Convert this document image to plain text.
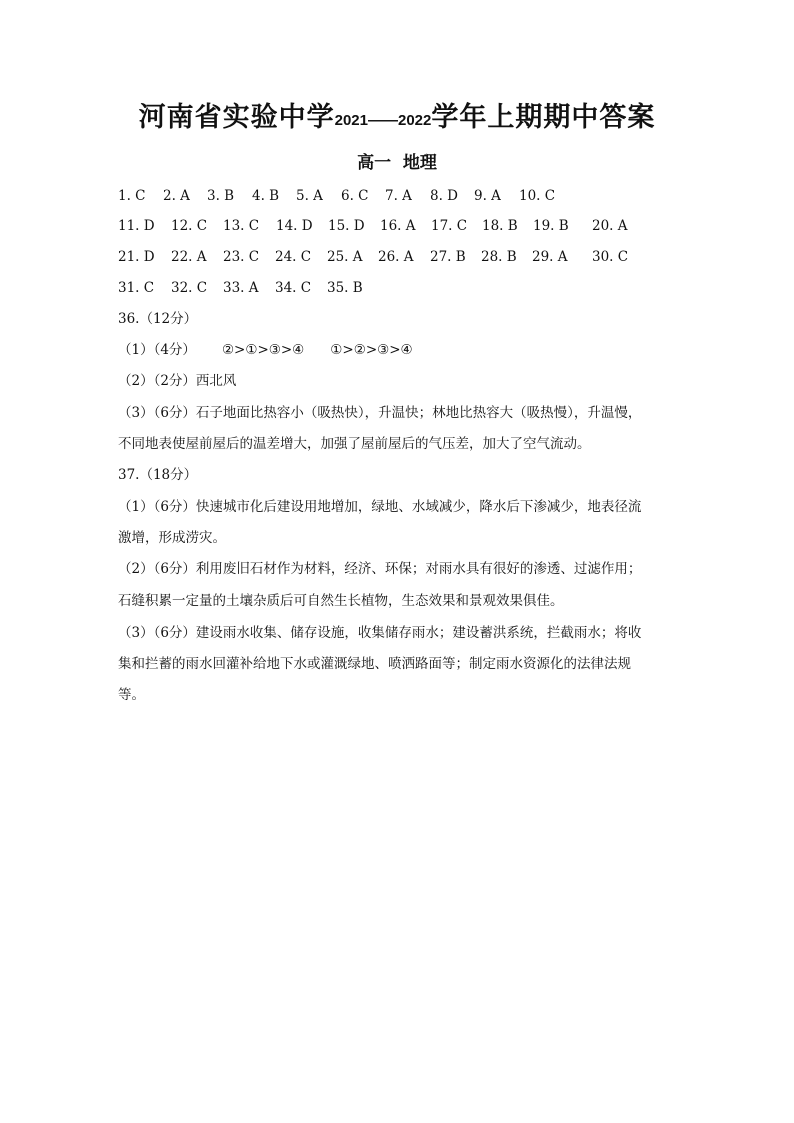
河南省实验中学2021——2022学年上期期中答案
高一  地理
1. C 2. A 3. B 4. B 5. A 6. C 7. A 8. D 9. A 10. C
11. D 12. C 13. C 14. D 15. D 16. A 17. C 18. B 19. B 20. A
21. D 22. A 23. C 24. C 25. A 26. A 27. B 28. B 29. A 30. C
31. C 32. C 33. A 34. C 35. B
36.（12分）
（1）（4分） ②>①>③>④ ①>②>③>④
（2）（2分）西北风
（3）（6分）石子地面比热容小（吸热快），升温快；林地比热容大（吸热慢），升温慢，
不同地表使屋前屋后的温差增大，加强了屋前屋后的气压差，加大了空气流动。
37.（18分）
（1）（6分）快速城市化后建设用地增加，绿地、水域减少，降水后下渗减少，地表径流
激增，形成涝灾。
（2）（6分）利用废旧石材作为材料，经济、环保；对雨水具有很好的渗透、过滤作用；
石缝积累一定量的土壤杂质后可自然生长植物，生态效果和景观效果俱佳。
（3）（6分）建设雨水收集、储存设施，收集储存雨水；建设蓄洪系统，拦截雨水；将收
集和拦蓄的雨水回灌补给地下水或灌溉绿地、喷洒路面等；制定雨水资源化的法律法规
等。
